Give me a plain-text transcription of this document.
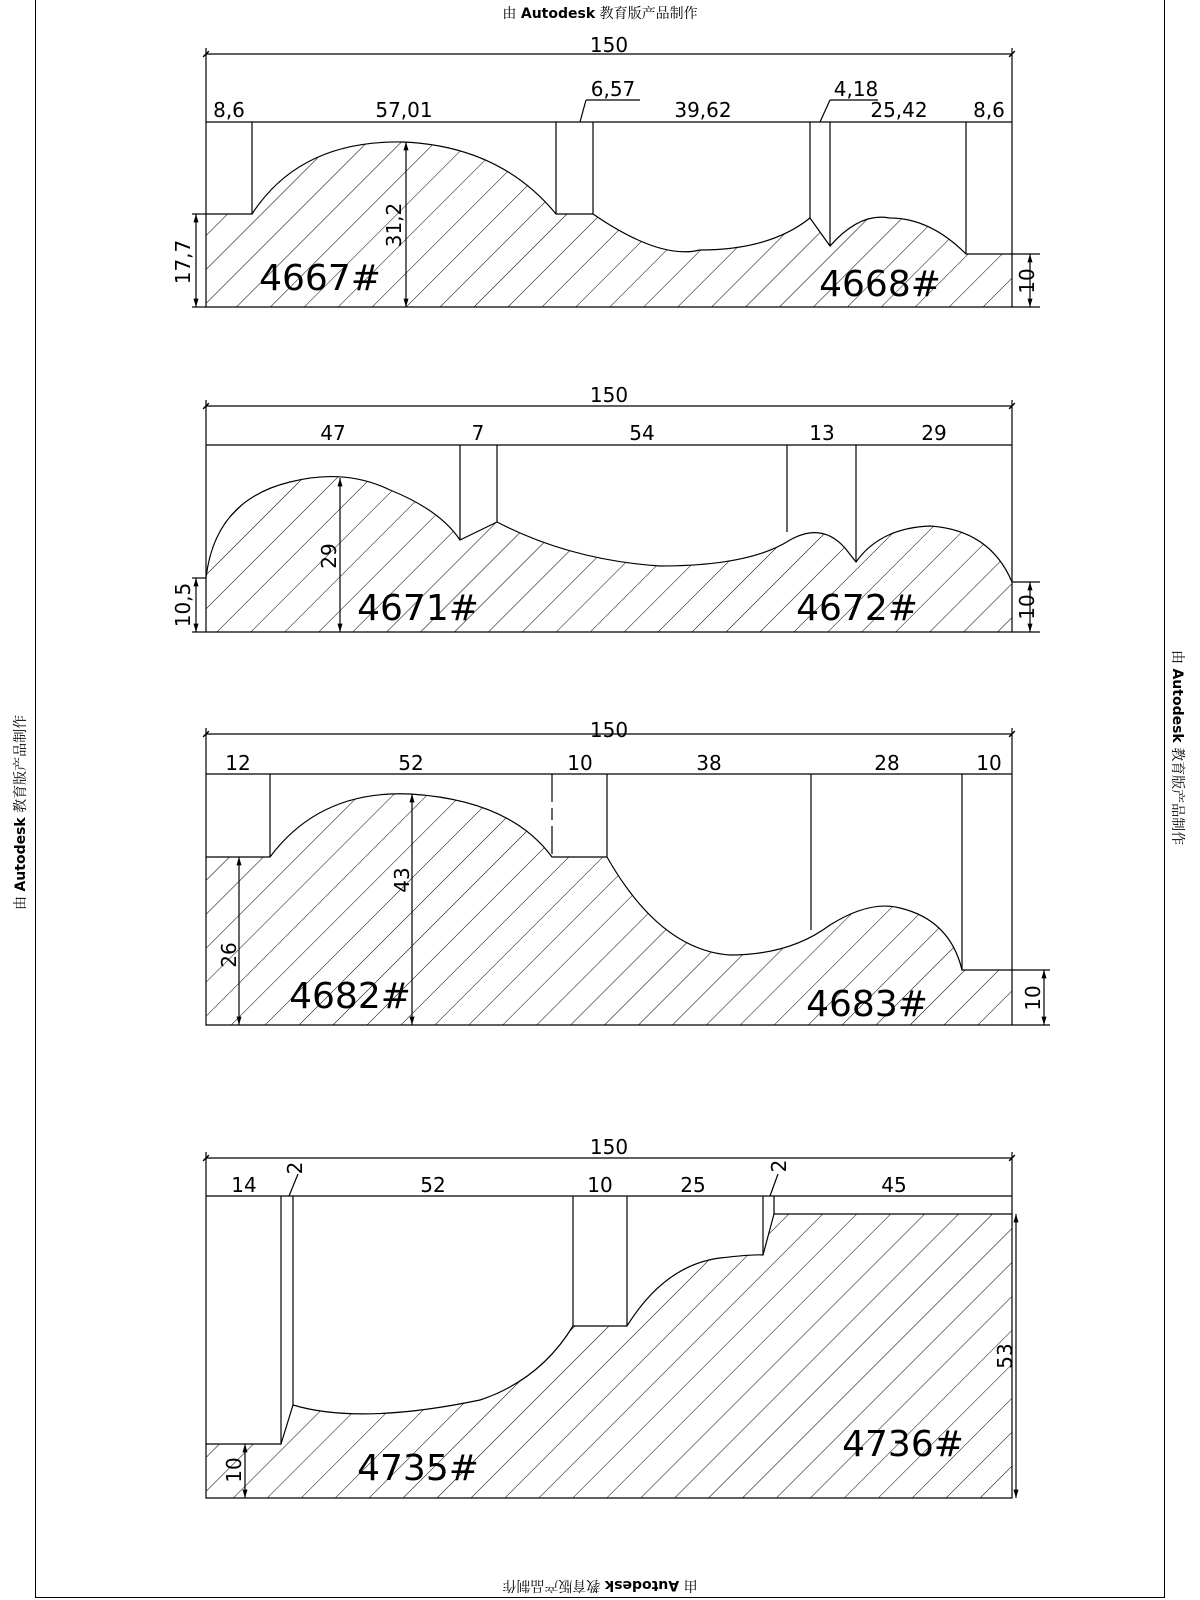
由 Autodesk 教育版产品制作
由 Autodesk 教育版产品制作
由 Autodesk 教育版产品制作
由 Autodesk 教育版产品制作
150
8,6	57,01
6,57
39,62
4,18
25,42 8,6
17,7
31,2
10
4667#	4668#
150
47	7	54	13	29
10,5
29
10
4671#	4672#
150
12	52	10	38	28	10
26
43
10
4682#	4683#
150
14
2
52	10	25
2
45
10
53
4735#
4736#
